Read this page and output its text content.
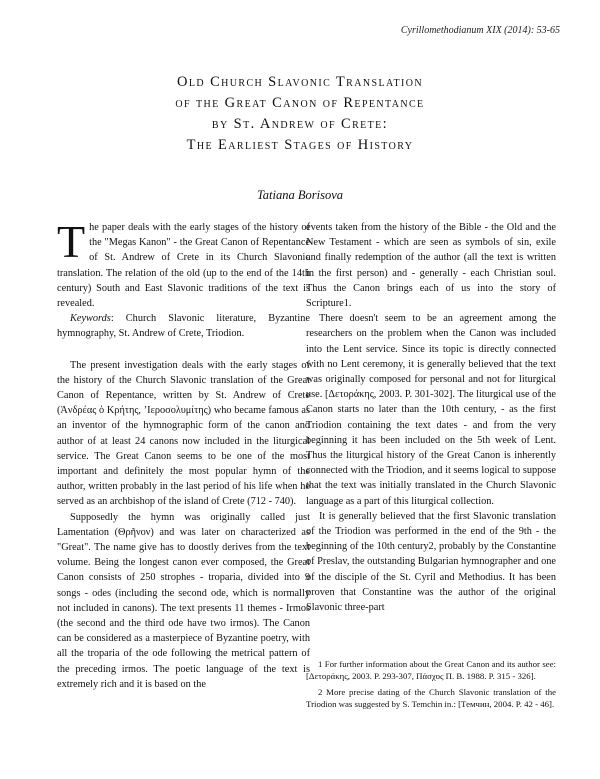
Cyrillomethodianum XIX (2014): 53-65
Old Church Slavonic Translation
of the Great Canon of Repentance
by St. Andrew of Crete:
The Earliest Stages of History
Tatiana Borisova

The paper deals with the early stages of the history of the "Megas Kanon" - the Great Canon of Repentance of St. Andrew of Crete in its Church Slavonic translation. The relation of the old (up to the end of the 14th century) South and East Slavonic traditions of the text is revealed.

Keywords: Church Slavonic literature, Byzantine hymnography, St. Andrew of Crete, Triodion.

The present investigation deals with the early stages of the history of the Church Slavonic translation of the Great Canon of Repentance, written by St. Andrew of Crete (Ἀνδρέας ὁ Κρήτης, ʼΙεροσολυμίτης) who became famous as an inventor of the hymnographic form of the canon and author of at least 24 canons now included in the liturgical service. The Great Canon seems to be one of the most important and definitely the most popular hymn of the author, written probably in the last period of his life when he served as an archbishop of the island of Crete (712 - 740).

Supposedly the hymn was originally called just Lamentation (Θρῆνον) and was later on characterized as "Great". The name give has to doostly derives from the text volume. Being the longest canon ever composed, the Great Canon consists of 250 strophes - troparia, divided into 9 songs - odes (including the second ode, which is normally not included in canons). The text presents 11 themes - Irmos (the second and the third ode have two irmos). The Canon can be considered as a masterpiece of Byzantine poetry, with all the troparia of the ode following the metrical pattern of the preceding irmos. The poetic language of the text is extremely rich and it is based on the

events taken from the history of the Bible - the Old and the New Testament - which are seen as symbols of sin, exile and finally redemption of the author (all the text is written in the first person) and - generally - each Christian soul. Thus the Canon brings each of us into the story of Scripture1.

There doesn't seem to be an agreement among the researchers on the problem when the Canon was included into the Lent service. Since its topic is directly connected with no Lent ceremony, it is generally believed that the text was originally composed for personal and not for liturgical use. [Δετοράκης, 2003. P. 301-302]. The liturgical use of the Canon starts no later than the 10th century, - as the first Triodion containing the text dates - and from the very beginning it has been included on the 5th week of Lent. Thus the liturgical history of the Great Canon is inherently connected with the Triodion, and it seems logical to suppose that the text was initially translated in the Church Slavonic language as a part of this liturgical collection.

It is generally believed that the first Slavonic translation of the Triodion was performed in the end of the 9th - the beginning of the 10th century2, probably by the Constantine of Preslav, the outstanding Bulgarian hymnographer and one of the disciple of the St. Cyril and Methodius. It has been proven that Constantine was the author of the original Slavonic three-part

1 For further information about the Great Canon and its author see: [Δετοράκης, 2003. P. 293-307, Πάσχος Π. Β. 1988. P. 315 - 326].

2 More precise dating of the Church Slavonic translation of the Triodion was suggested by S. Temchin in.: [Темчин, 2004. P. 42 - 46].
